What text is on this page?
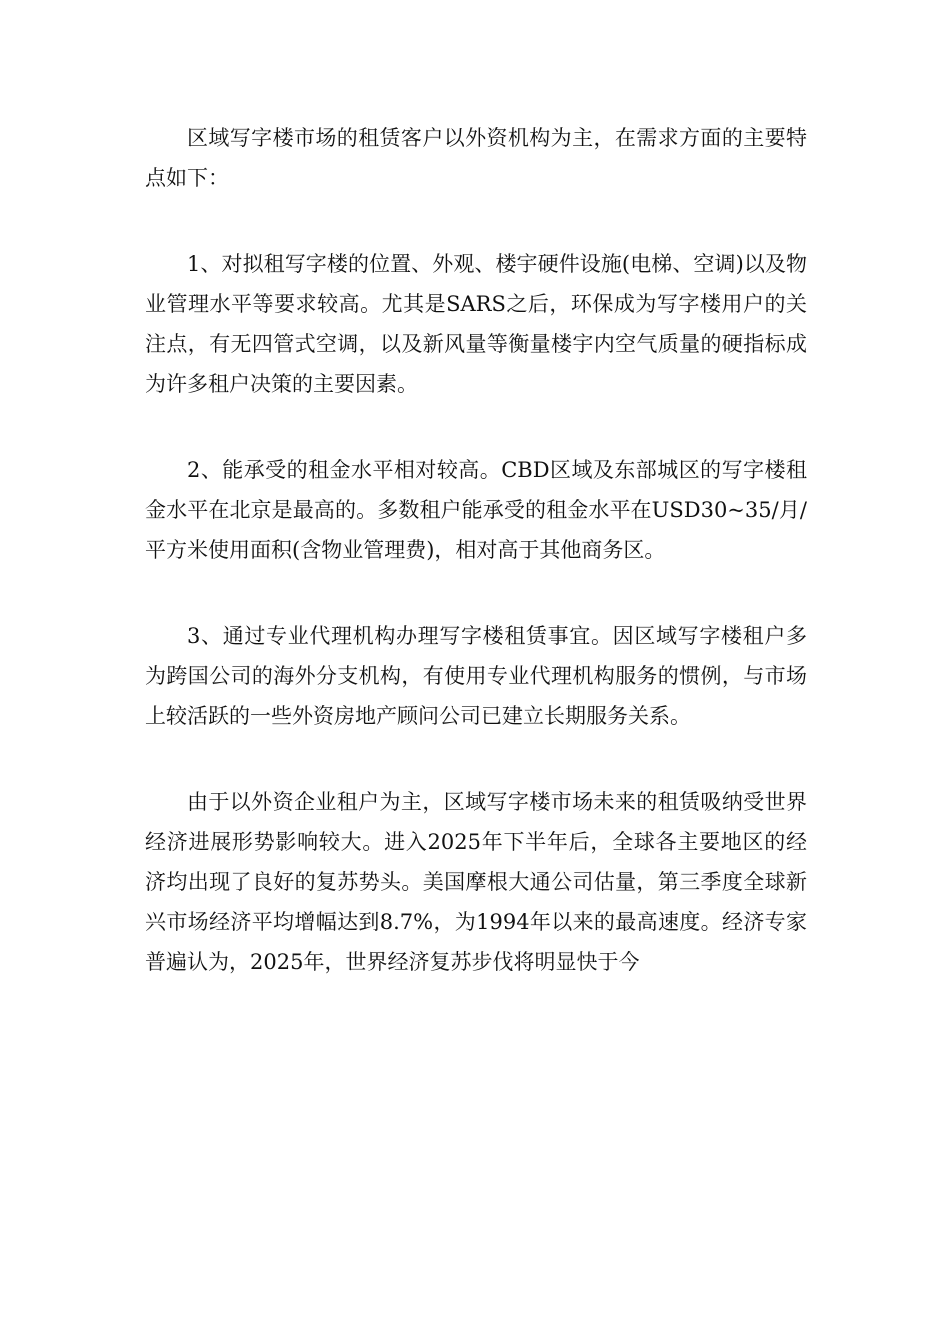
区域写字楼市场的租赁客户以外资机构为主，在需求方面的主要特点如下：

1、对拟租写字楼的位置、外观、楼宇硬件设施(电梯、空调)以及物业管理水平等要求较高。尤其是SARS之后，环保成为写字楼用户的关注点，有无四管式空调，以及新风量等衡量楼宇内空气质量的硬指标成为许多租户决策的主要因素。

2、能承受的租金水平相对较高。CBD区域及东部城区的写字楼租金水平在北京是最高的。多数租户能承受的租金水平在USD30~35/月/平方米使用面积(含物业管理费)，相对高于其他商务区。

3、通过专业代理机构办理写字楼租赁事宜。因区域写字楼租户多为跨国公司的海外分支机构，有使用专业代理机构服务的惯例，与市场上较活跃的一些外资房地产顾问公司已建立长期服务关系。

由于以外资企业租户为主，区域写字楼市场未来的租赁吸纳受世界经济进展形势影响较大。进入2025年下半年后，全球各主要地区的经济均出现了良好的复苏势头。美国摩根大通公司估量，第三季度全球新兴市场经济平均增幅达到8.7%，为1994年以来的最高速度。经济专家普遍认为，2025年，世界经济复苏步伐将明显快于今
